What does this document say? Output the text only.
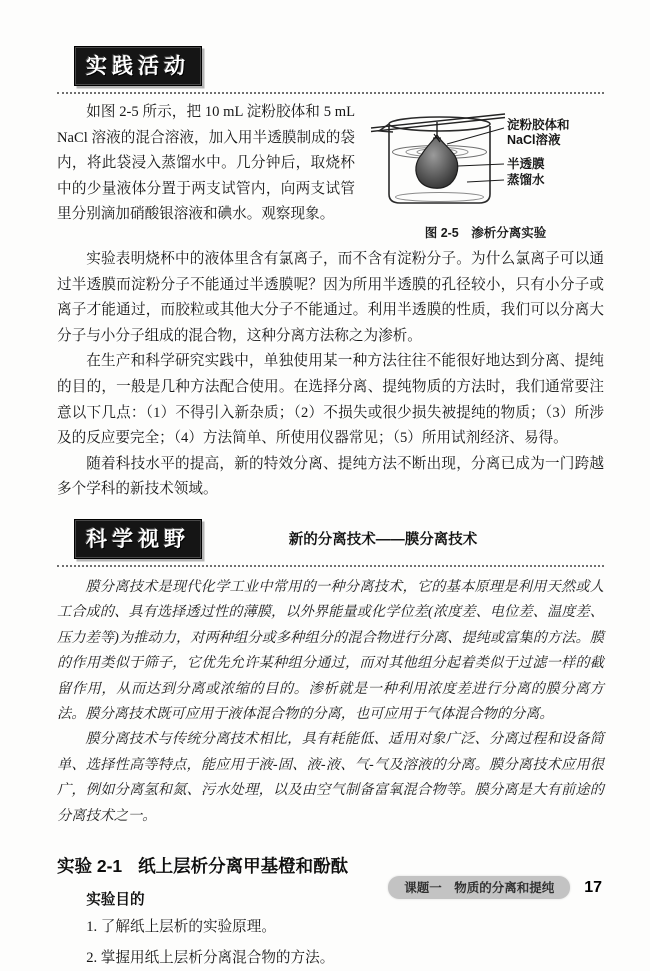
实践活动
淀粉胶体和
NaCl溶液
半透膜
蒸馏水
图 2-5　渗析分离实验

如图 2-5 所示，把 10 mL 淀粉胶体和 5 mL NaCl 溶液的混合溶液，加入用半透膜制成的袋内，将此袋浸入蒸馏水中。几分钟后，取烧杯中的少量液体分置于两支试管内，向两支试管里分别滴加硝酸银溶液和碘水。观察现象。

实验表明烧杯中的液体里含有氯离子，而不含有淀粉分子。为什么氯离子可以通过半透膜而淀粉分子不能通过半透膜呢？因为所用半透膜的孔径较小，只有小分子或离子才能通过，而胶粒或其他大分子不能通过。利用半透膜的性质，我们可以分离大分子与小分子组成的混合物，这种分离方法称之为渗析。

在生产和科学研究实践中，单独使用某一种方法往往不能很好地达到分离、提纯的目的，一般是几种方法配合使用。在选择分离、提纯物质的方法时，我们通常要注意以下几点：（1）不得引入新杂质；（2）不损失或很少损失被提纯的物质；（3）所涉及的反应要完全；（4）方法简单、所使用仪器常见；（5）所用试剂经济、易得。

随着科技水平的提高，新的特效分离、提纯方法不断出现，分离已成为一门跨越多个学科的新技术领域。

科学视野	新的分离技术——膜分离技术

膜分离技术是现代化学工业中常用的一种分离技术，它的基本原理是利用天然或人工合成的、具有选择透过性的薄膜，以外界能量或化学位差(浓度差、电位差、温度差、压力差等)为推动力，对两种组分或多种组分的混合物进行分离、提纯或富集的方法。膜的作用类似于筛子，它优先允许某种组分通过，而对其他组分起着类似于过滤一样的截留作用，从而达到分离或浓缩的目的。渗析就是一种利用浓度差进行分离的膜分离方法。膜分离技术既可应用于液体混合物的分离，也可应用于气体混合物的分离。

膜分离技术与传统分离技术相比，具有耗能低、适用对象广泛、分离过程和设备简单、选择性高等特点，能应用于液-固、液-液、气-气及溶液的分离。膜分离技术应用很广，例如分离氢和氮、污水处理，以及由空气制备富氧混合物等。膜分离是大有前途的分离技术之一。

实验 2-1 纸上层析分离甲基橙和酚酞
实验目的
1. 了解纸上层析的实验原理。
2. 掌握用纸上层析分离混合物的方法。
课题一　物质的分离和提纯	17
